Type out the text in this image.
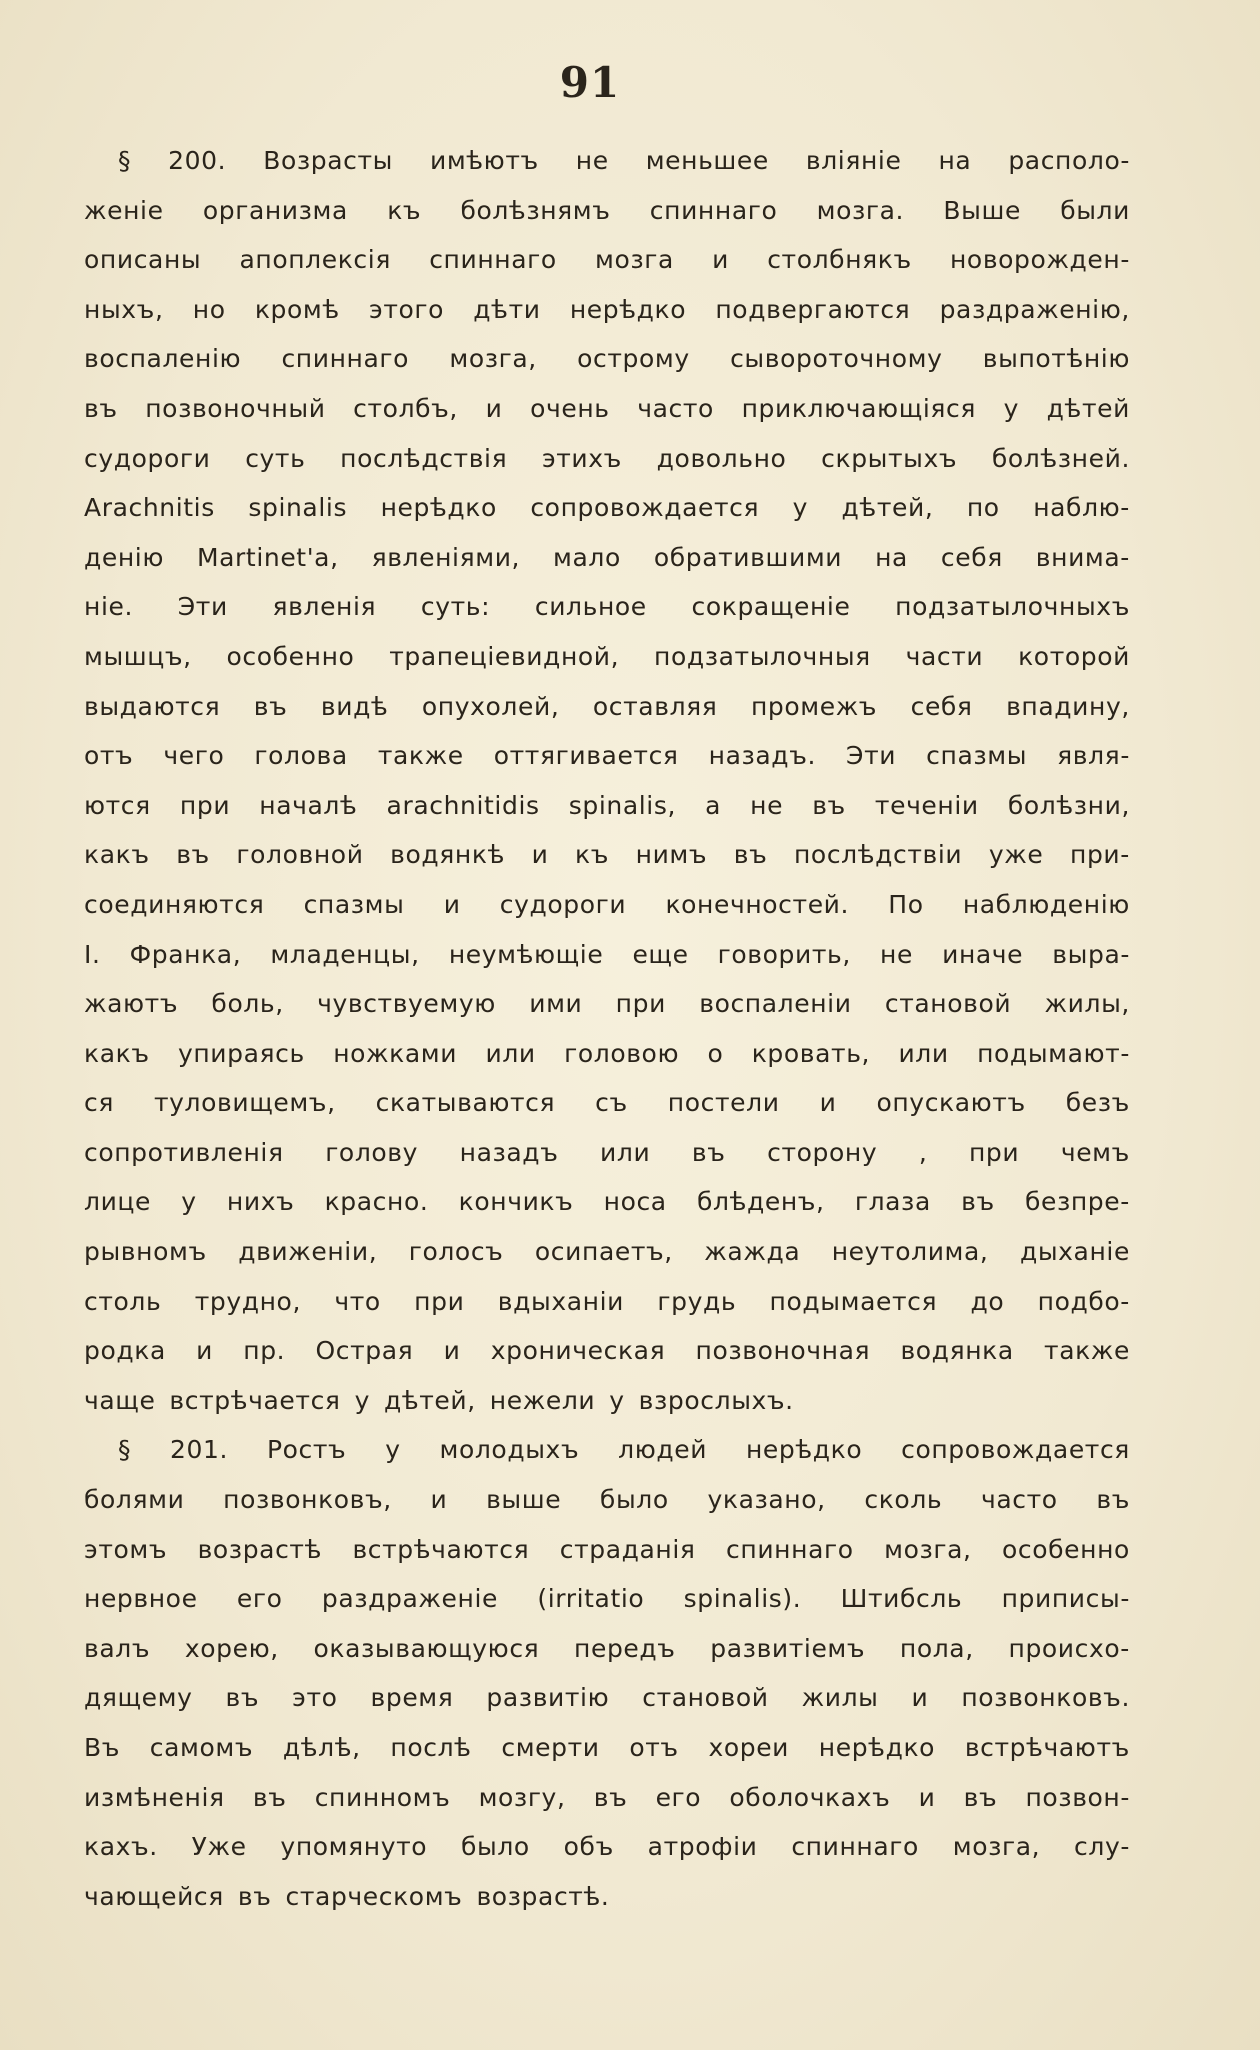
91
§ 200. Возрасты имѣютъ не меньшее вліяніе на располо-
женіе организма къ болѣзнямъ спиннаго мозга. Выше были
описаны апоплексія спиннаго мозга и столбнякъ новорожден-
ныхъ, но кромѣ этого дѣти нерѣдко подвергаются раздраженію,
воспаленію спиннаго мозга, острому сывороточному выпотѣнію
въ позвоночный столбъ, и очень часто приключающіяся у дѣтей
судороги суть послѣдствія этихъ довольно скрытыхъ болѣзней.
Arachnitis spinalis нерѣдко сопровождается у дѣтей, по наблю-
денію Martinet'a, явленіями, мало обратившими на себя внима-
ніе. Эти явленія суть: сильное сокращеніе подзатылочныхъ
мышцъ, особенно трапеціевидной, подзатылочныя части которой
выдаются въ видѣ опухолей, оставляя промежъ себя впадину,
отъ чего голова также оттягивается назадъ. Эти спазмы явля-
ются при началѣ arachnitidis spinalis, а не въ теченіи болѣзни,
какъ въ головной водянкѣ и къ нимъ въ послѣдствіи уже при-
соединяются спазмы и судороги конечностей. По наблюденію
I. Франка, младенцы, неумѣющіе еще говорить, не иначе выра-
жаютъ боль, чувствуемую ими при воспаленіи становой жилы,
какъ упираясь ножками или головою о кровать, или подымают-
ся туловищемъ, скатываются съ постели и опускаютъ безъ
сопротивленія голову назадъ или въ сторону , при чемъ
лице у нихъ красно. кончикъ носа блѣденъ, глаза въ безпре-
рывномъ движеніи, голосъ осипаетъ, жажда неутолима, дыханіе
столь трудно, что при вдыханіи грудь подымается до подбо-
родка и пр. Острая и хроническая позвоночная водянка также
чаще встрѣчается у дѣтей, нежели у взрослыхъ.
§ 201. Ростъ у молодыхъ людей нерѣдко сопровождается
болями позвонковъ, и выше было указано, сколь часто въ
этомъ возрастѣ встрѣчаются страданія спиннаго мозга, особенно
нервное его раздраженіе (irritatio spinalis). Штибсль приписы-
валъ хорею, оказывающуюся передъ развитіемъ пола, происхо-
дящему въ это время развитію становой жилы и позвонковъ.
Въ самомъ дѣлѣ, послѣ смерти отъ хореи нерѣдко встрѣчаютъ
измѣненія въ спинномъ мозгу, въ его оболочкахъ и въ позвон-
кахъ. Уже упомянуто было объ атрофіи спиннаго мозга, слу-
чающейся въ старческомъ возрастѣ.
